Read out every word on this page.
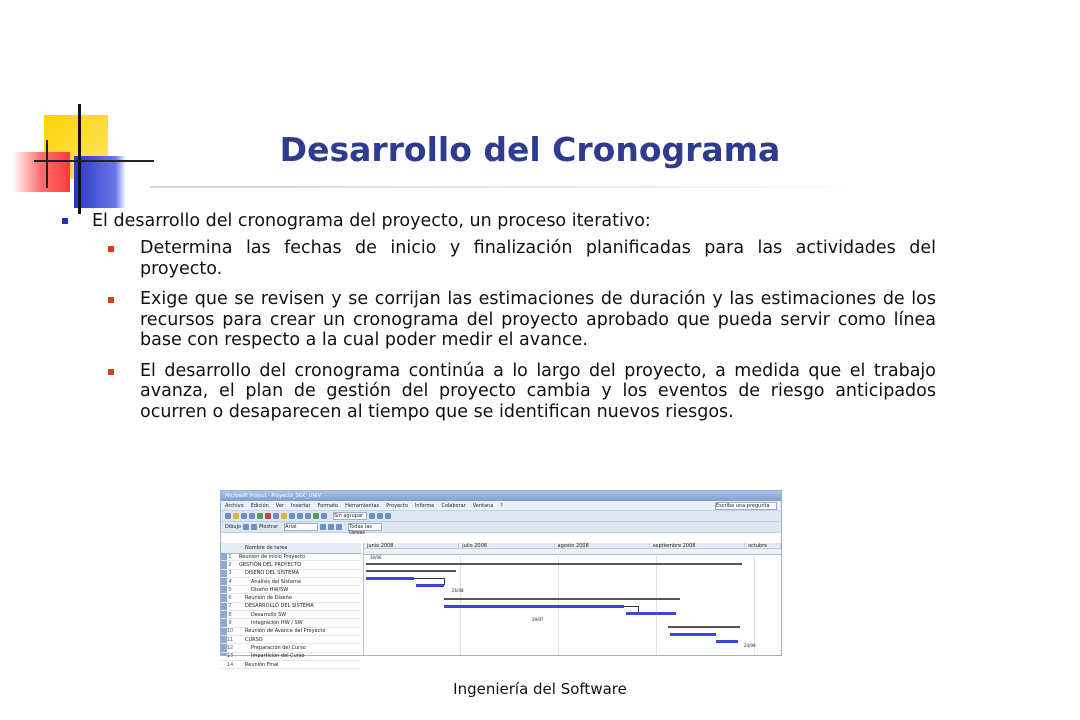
Desarrollo del Cronograma
El desarrollo del cronograma del proyecto, un proceso iterativo:
Determina las fechas de inicio y finalización planificadas para las actividades del proyecto.
Exige que se revisen y se corrijan las estimaciones de duración y las estimaciones de los recursos para crear un cronograma del proyecto aprobado que pueda servir como línea base con respecto a la cual poder medir el avance.
El desarrollo del cronograma continúa a lo largo del proyecto, a medida que el trabajo avanza, el plan de gestión del proyecto cambia y los eventos de riesgo anticipados ocurren o desaparecen al tiempo que se identifican nuevos riesgos.
Microsoft Project - Proyecto_SGC_UNIV
Archivo Edición Ver Insertar Formato Herramientas Proyecto Informe Colaborar Ventana ?	Escriba una pregunta
Sin agrupar
Dibujo	Mostrar Arial	Todas las tareas
Nombre de tarea
1	Reunión de inicio Proyecto
2	GESTIÓN DEL PROYECTO
3	DISEÑO DEL SISTEMA
4	Análisis del Sistema
5	Diseño HW/SW
6	Reunión de Diseño
7	DESARROLLO DEL SISTEMA
8	Desarrollo SW
9	Integración HW / SW
10	Reunión de Avance del Proyecto
11	CURSO
12	Preparación del Curso
13	Impartición del Curso
14	Reunión Final
junio 2008	julio 2008	agosto 2008	septiembre 2008	octubre
30/06
26/08
29/07
24/09
Ingeniería del Software
